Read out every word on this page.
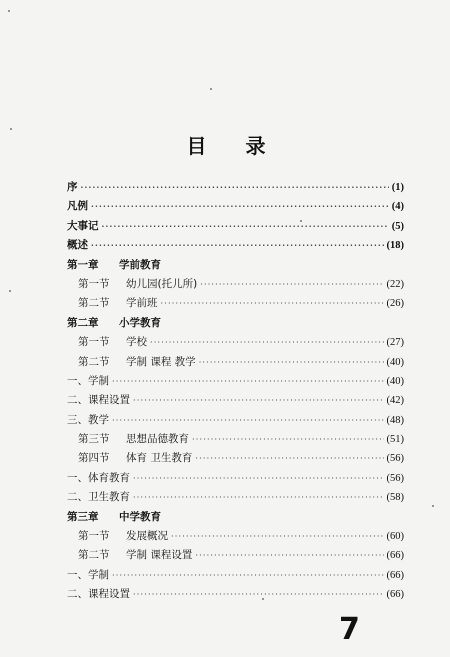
目 录
序 ·····	(1)
凡例 ·····	(4)
大事记 ·····	(5)
概述 ·····	(18)
第一章	学前教育
第一节	幼儿园(托儿所) ·····	(22)
第二节	学前班 ·····	(26)
第二章	小学教育
第一节	学校 ·····	(27)
第二节	学制 课程 教学 ·····	(40)
一、学制 ·····	(40)
二、课程设置 ·····	(42)
三、教学 ·····	(48)
第三节	思想品德教育 ·····	(51)
第四节	体育 卫生教育 ·····	(56)
一、体育教育 ·····	(56)
二、卫生教育 ·····	(58)
第三章	中学教育
第一节	发展概况 ·····	(60)
第二节	学制 课程设置 ·····	(66)
一、学制 ·····	(66)
二、课程设置 ·····	(66)
7
